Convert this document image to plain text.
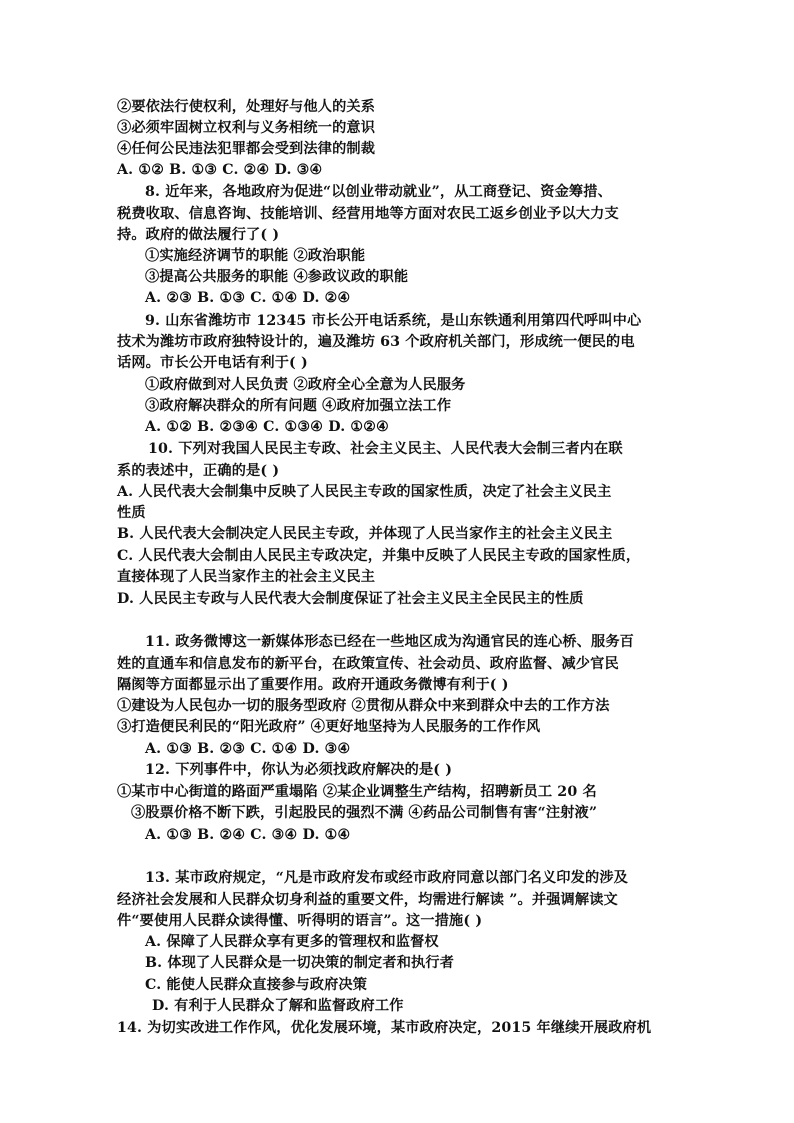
②要依法行使权利，处理好与他人的关系
③必须牢固树立权利与义务相统一的意识
④任何公民违法犯罪都会受到法律的制裁
A. ①② B. ①③ C. ②④ D. ③④
8. 近年来，各地政府为促进“以创业带动就业”，从工商登记、资金筹措、
税费收取、信息咨询、技能培训、经营用地等方面对农民工返乡创业予以大力支
持。政府的做法履行了( )
①实施经济调节的职能 ②政治职能
③提高公共服务的职能 ④参政议政的职能
A. ②③ B. ①③ C. ①④ D. ②④
9. 山东省潍坊市 12345 市长公开电话系统，是山东铁通利用第四代呼叫中心
技术为潍坊市政府独特设计的，遍及潍坊 63 个政府机关部门，形成统一便民的电
话网。市长公开电话有利于( )
①政府做到对人民负责 ②政府全心全意为人民服务
③政府解决群众的所有问题 ④政府加强立法工作
A. ①② B. ②③④ C. ①③④ D. ①②④
10. 下列对我国人民民主专政、社会主义民主、人民代表大会制三者内在联
系的表述中，正确的是( )
A. 人民代表大会制集中反映了人民民主专政的国家性质，决定了社会主义民主
性质
B. 人民代表大会制决定人民民主专政，并体现了人民当家作主的社会主义民主
C. 人民代表大会制由人民民主专政决定，并集中反映了人民民主专政的国家性质，
直接体现了人民当家作主的社会主义民主
D. 人民民主专政与人民代表大会制度保证了社会主义民主全民民主的性质
11. 政务微博这一新媒体形态已经在一些地区成为沟通官民的连心桥、服务百
姓的直通车和信息发布的新平台，在政策宣传、社会动员、政府监督、减少官民
隔阂等方面都显示出了重要作用。政府开通政务微博有利于( )
①建设为人民包办一切的服务型政府 ②贯彻从群众中来到群众中去的工作方法
③打造便民利民的“阳光政府” ④更好地坚持为人民服务的工作作风
A. ①③ B. ②③ C. ①④ D. ③④
12. 下列事件中，你认为必须找政府解决的是( )
①某市中心街道的路面严重塌陷 ②某企业调整生产结构，招聘新员工 20 名
③股票价格不断下跌，引起股民的强烈不满 ④药品公司制售有害“注射液”
A. ①③ B. ②④ C. ③④ D. ①④
13. 某市政府规定，“凡是市政府发布或经市政府同意以部门名义印发的涉及
经济社会发展和人民群众切身利益的重要文件，均需进行解读 ”。并强调解读文
件“要使用人民群众读得懂、听得明的语言”。这一措施( )
A. 保障了人民群众享有更多的管理权和监督权
B. 体现了人民群众是一切决策的制定者和执行者
C. 能使人民群众直接参与政府决策
D. 有利于人民群众了解和监督政府工作
14. 为切实改进工作作风，优化发展环境，某市政府决定，2015 年继续开展政府机
